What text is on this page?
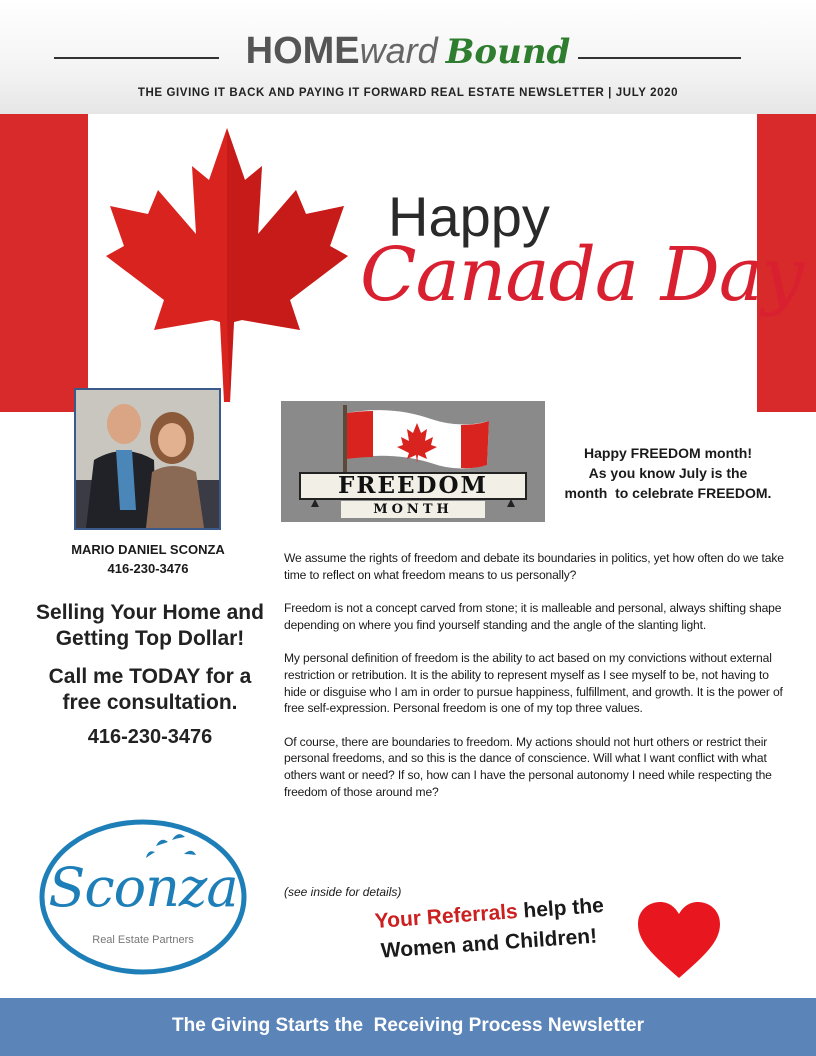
HOMEward Bound
THE GIVING IT BACK AND PAYING IT FORWARD REAL ESTATE NEWSLETTER | JULY 2020
Happy
Canada Day
MARIO DANIEL SCONZA
416-230-3476
Selling Your Home and Getting Top Dollar!
Call me TODAY for a free consultation.
416-230-3476
Sconza
Real Estate Partners
FREEDOM
MONTH
Happy FREEDOM month!
As you know July is the
month  to celebrate FREEDOM.

We assume the rights of freedom and debate its boundaries in politics, yet how often do we take time to reflect on what freedom means to us personally?

Freedom is not a concept carved from stone; it is malleable and personal, always shifting shape depending on where you find yourself standing and the angle of the slanting light.

My personal definition of freedom is the ability to act based on my convictions without external restriction or retribution. It is the ability to represent myself as I see myself to be, not having to hide or disguise who I am in order to pursue happiness, fulfillment, and growth. It is the power of free self-expression. Personal freedom is one of my top three values.

Of course, there are boundaries to freedom. My actions should not hurt others or restrict their personal freedoms, and so this is the dance of conscience. Will what I want conflict with what others want or need? If so, how can I have the personal autonomy I need while respecting the freedom of those around me?

(see inside for details)
Your Referrals help the
Women and Children!
The Giving Starts the  Receiving Process Newsletter
